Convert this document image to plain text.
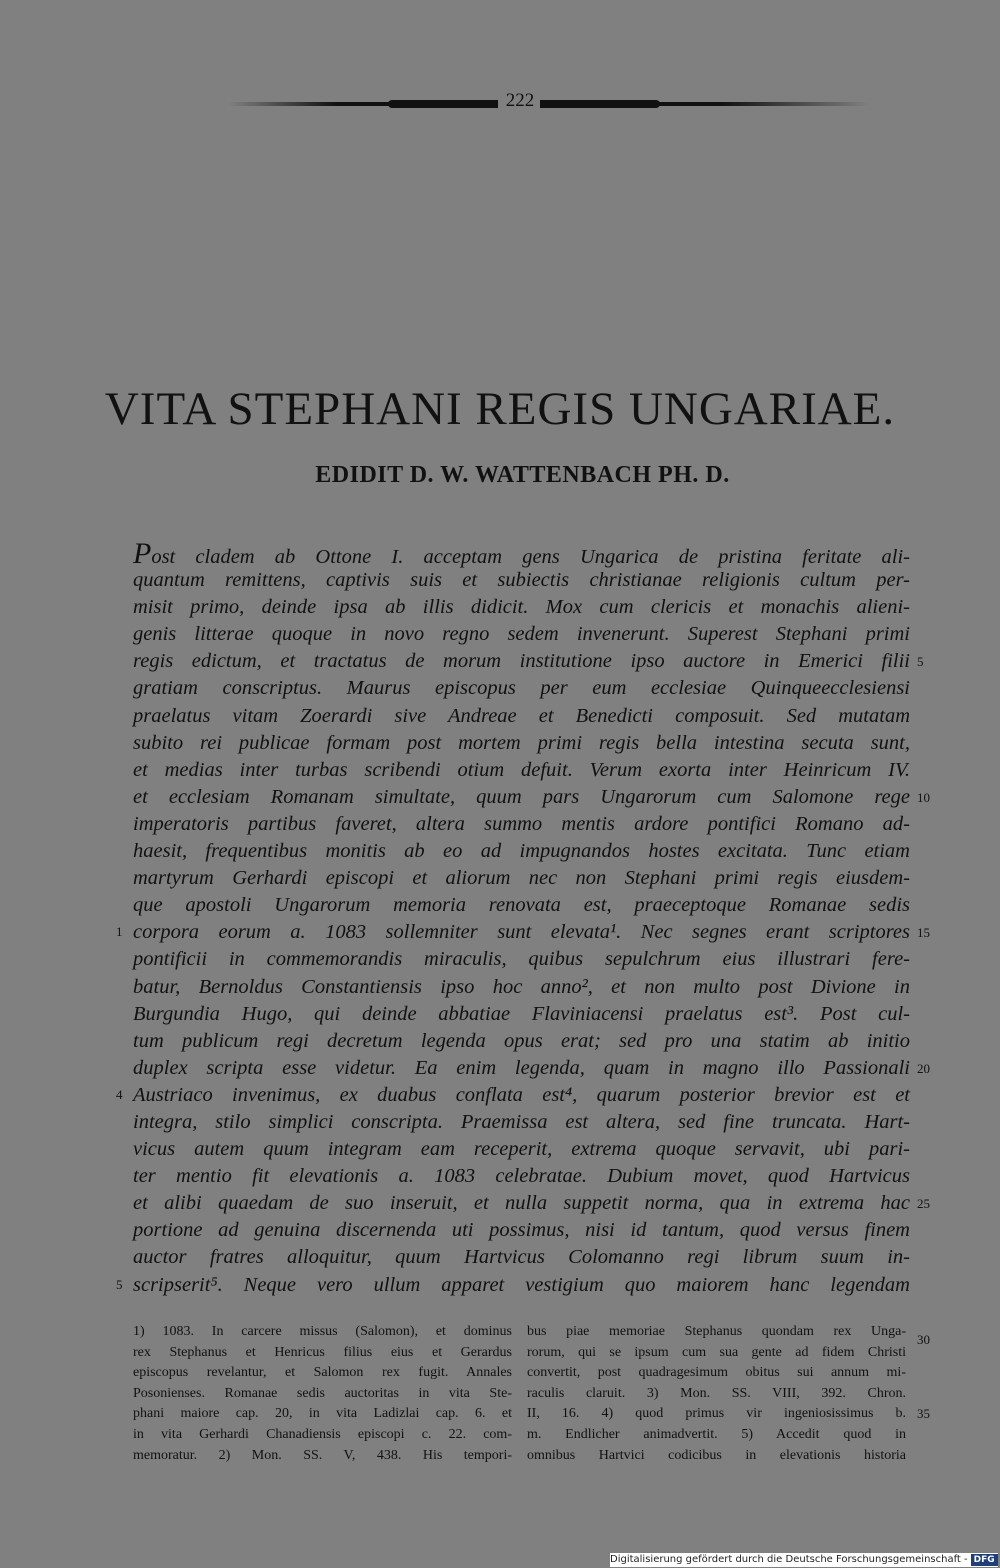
222
VITA STEPHANI REGIS UNGARIAE.
EDIDIT D. W. WATTENBACH PH. D.
Post cladem ab Ottone I. acceptam gens Ungarica de pristina feritate ali-
quantum remittens, captivis suis et subiectis christianae religionis cultum per-
misit primo, deinde ipsa ab illis didicit. Mox cum clericis et monachis alieni-
genis litterae quoque in novo regno sedem invenerunt. Superest Stephani primi
regis edictum, et tractatus de morum institutione ipso auctore in Emerici filii
gratiam conscriptus. Maurus episcopus per eum ecclesiae Quinqueecclesiensi
praelatus vitam Zoerardi sive Andreae et Benedicti composuit. Sed mutatam
subito rei publicae formam post mortem primi regis bella intestina secuta sunt,
et medias inter turbas scribendi otium defuit. Verum exorta inter Heinricum IV.
et ecclesiam Romanam simultate, quum pars Ungarorum cum Salomone rege
imperatoris partibus faveret, altera summo mentis ardore pontifici Romano ad-
haesit, frequentibus monitis ab eo ad impugnandos hostes excitata. Tunc etiam
martyrum Gerhardi episcopi et aliorum nec non Stephani primi regis eiusdem-
que apostoli Ungarorum memoria renovata est, praeceptoque Romanae sedis
corpora eorum a. 1083 sollemniter sunt elevata¹. Nec segnes erant scriptores
pontificii in commemorandis miraculis, quibus sepulchrum eius illustrari fere-
batur, Bernoldus Constantiensis ipso hoc anno², et non multo post Divione in
Burgundia Hugo, qui deinde abbatiae Flaviniacensi praelatus est³. Post cul-
tum publicum regi decretum legenda opus erat; sed pro una statim ab initio
duplex scripta esse videtur. Ea enim legenda, quam in magno illo Passionali
Austriaco invenimus, ex duabus conflata est⁴, quarum posterior brevior est et
integra, stilo simplici conscripta. Praemissa est altera, sed fine truncata. Hart-
vicus autem quum integram eam receperit, extrema quoque servavit, ubi pari-
ter mentio fit elevationis a. 1083 celebratae. Dubium movet, quod Hartvicus
et alibi quaedam de suo inseruit, et nulla suppetit norma, qua in extrema hac
portione ad genuina discernenda uti possimus, nisi id tantum, quod versus finem
auctor fratres alloquitur, quum Hartvicus Colomanno regi librum suum in-
scripserit⁵. Neque vero ullum apparet vestigium quo maiorem hanc legendam
5
10
15
20
25
30
1
4
5
1) 1083. In carcere missus (Salomon), et dominus
rex Stephanus et Henricus filius eius et Gerardus
episcopus revelantur, et Salomon rex fugit. Annales
Posonienses. Romanae sedis auctoritas in vita Ste-
phani maiore cap. 20, in vita Ladizlai cap. 6. et
in vita Gerhardi Chanadiensis episcopi c. 22. com-
memoratur. 2) Mon. SS. V, 438. His tempori-
bus piae memoriae Stephanus quondam rex Unga-
rorum, qui se ipsum cum sua gente ad fidem Christi
convertit, post quadragesimum obitus sui annum mi-
raculis claruit. 3) Mon. SS. VIII, 392. Chron.
II, 16. 4) quod primus vir ingeniosissimus b.
m. Endlicher animadvertit. 5) Accedit quod in
omnibus Hartvici codicibus in elevationis historia
35
Digitalisierung gefördert durch die Deutsche Forschungsgemeinschaft - DFG
